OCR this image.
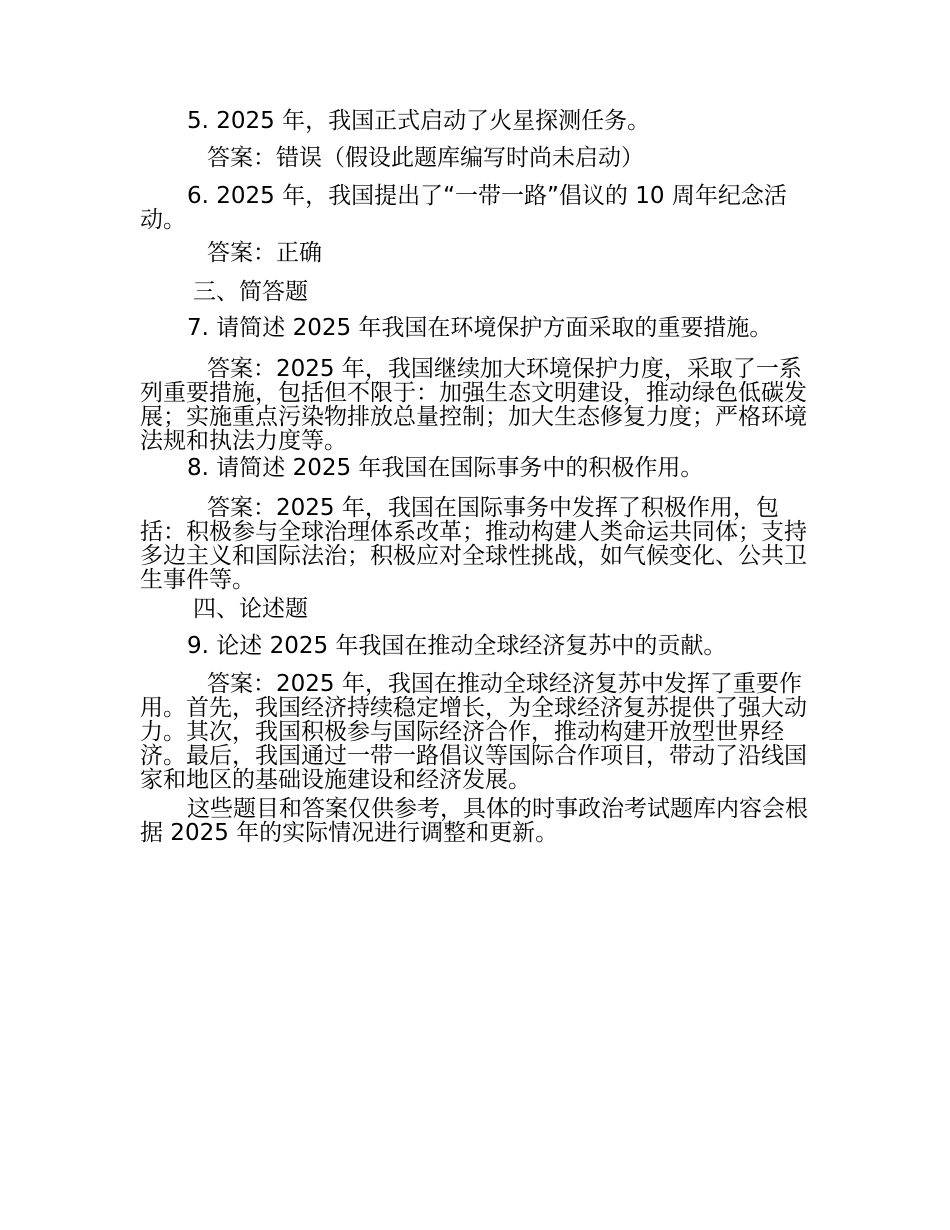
5. 2025 年，我国正式启动了火星探测任务。

答案：错误（假设此题库编写时尚未启动）

6. 2025 年，我国提出了“一带一路”倡议的 10 周年纪念活动。

答案：正确

三、简答题

7. 请简述 2025 年我国在环境保护方面采取的重要措施。

答案：2025 年，我国继续加大环境保护力度，采取了一系列重要措施，包括但不限于：加强生态文明建设，推动绿色低碳发展；实施重点污染物排放总量控制；加大生态修复力度；严格环境法规和执法力度等。

8. 请简述 2025 年我国在国际事务中的积极作用。

答案：2025 年，我国在国际事务中发挥了积极作用，包括：积极参与全球治理体系改革；推动构建人类命运共同体；支持多边主义和国际法治；积极应对全球性挑战，如气候变化、公共卫生事件等。

四、论述题

9. 论述 2025 年我国在推动全球经济复苏中的贡献。

答案：2025 年，我国在推动全球经济复苏中发挥了重要作用。首先，我国经济持续稳定增长，为全球经济复苏提供了强大动力。其次，我国积极参与国际经济合作，推动构建开放型世界经济。最后，我国通过一带一路倡议等国际合作项目，带动了沿线国家和地区的基础设施建设和经济发展。

这些题目和答案仅供参考，具体的时事政治考试题库内容会根据 2025 年的实际情况进行调整和更新。
